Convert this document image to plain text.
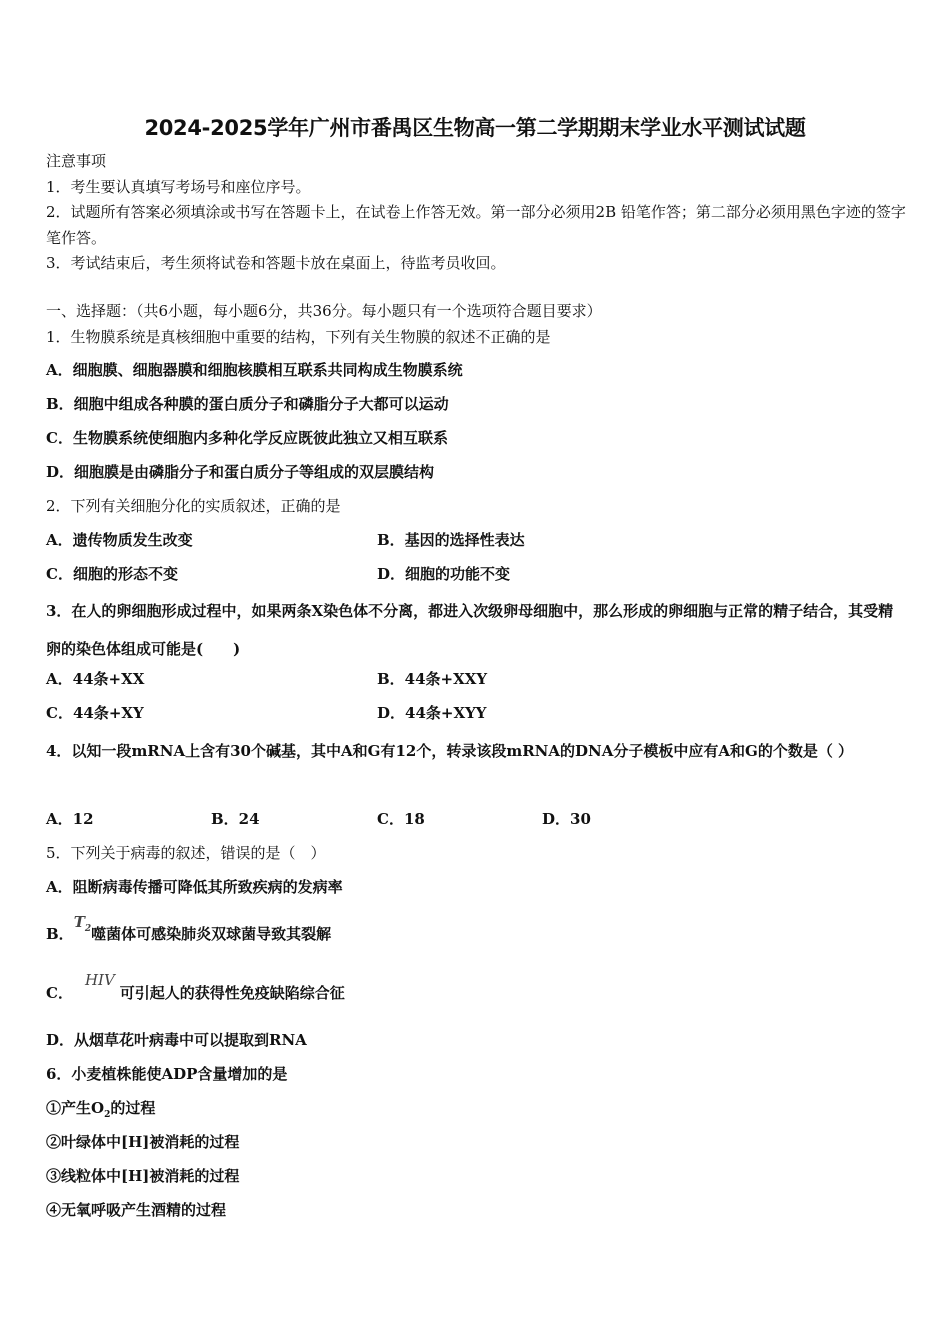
2024-2025学年广州市番禺区生物高一第二学期期末学业水平测试试题
注意事项
1．考生要认真填写考场号和座位序号。
2．试题所有答案必须填涂或书写在答题卡上，在试卷上作答无效。第一部分必须用2B 铅笔作答；第二部分必须用黑色字迹的签字笔作答。
3．考试结束后，考生须将试卷和答题卡放在桌面上，待监考员收回。
一、选择题：（共6小题，每小题6分，共36分。每小题只有一个选项符合题目要求）
1．生物膜系统是真核细胞中重要的结构，下列有关生物膜的叙述不正确的是
A．细胞膜、细胞器膜和细胞核膜相互联系共同构成生物膜系统
B．细胞中组成各种膜的蛋白质分子和磷脂分子大都可以运动
C．生物膜系统使细胞内多种化学反应既彼此独立又相互联系
D．细胞膜是由磷脂分子和蛋白质分子等组成的双层膜结构
2．下列有关细胞分化的实质叙述，正确的是
A．遗传物质发生改变	B．基因的选择性表达
C．细胞的形态不变	D．细胞的功能不变
3．在人的卵细胞形成过程中，如果两条X染色体不分离，都进入次级卵母细胞中，那么形成的卵细胞与正常的精子结合，其受精卵的染色体组成可能是(　　)
A．44条+XX	B．44条+XXY
C．44条+XY	D．44条+XYY
4．以知一段mRNA上含有30个碱基，其中A和G有12个，转录该段mRNA的DNA分子模板中应有A和G的个数是（ ）
A．12	B．24	C．18	D．30
5．下列关于病毒的叙述，错误的是（　）
A．阻断病毒传播可降低其所致疾病的发病率
B．$T_2$噬菌体可感染肺炎双球菌导致其裂解
C．HIV可引起人的获得性免疫缺陷综合征
D．从烟草花叶病毒中可以提取到RNA
6．小麦植株能使ADP含量增加的是
①产生$O_2$的过程
②叶绿体中[H]被消耗的过程
③线粒体中[H]被消耗的过程
④无氧呼吸产生酒精的过程
